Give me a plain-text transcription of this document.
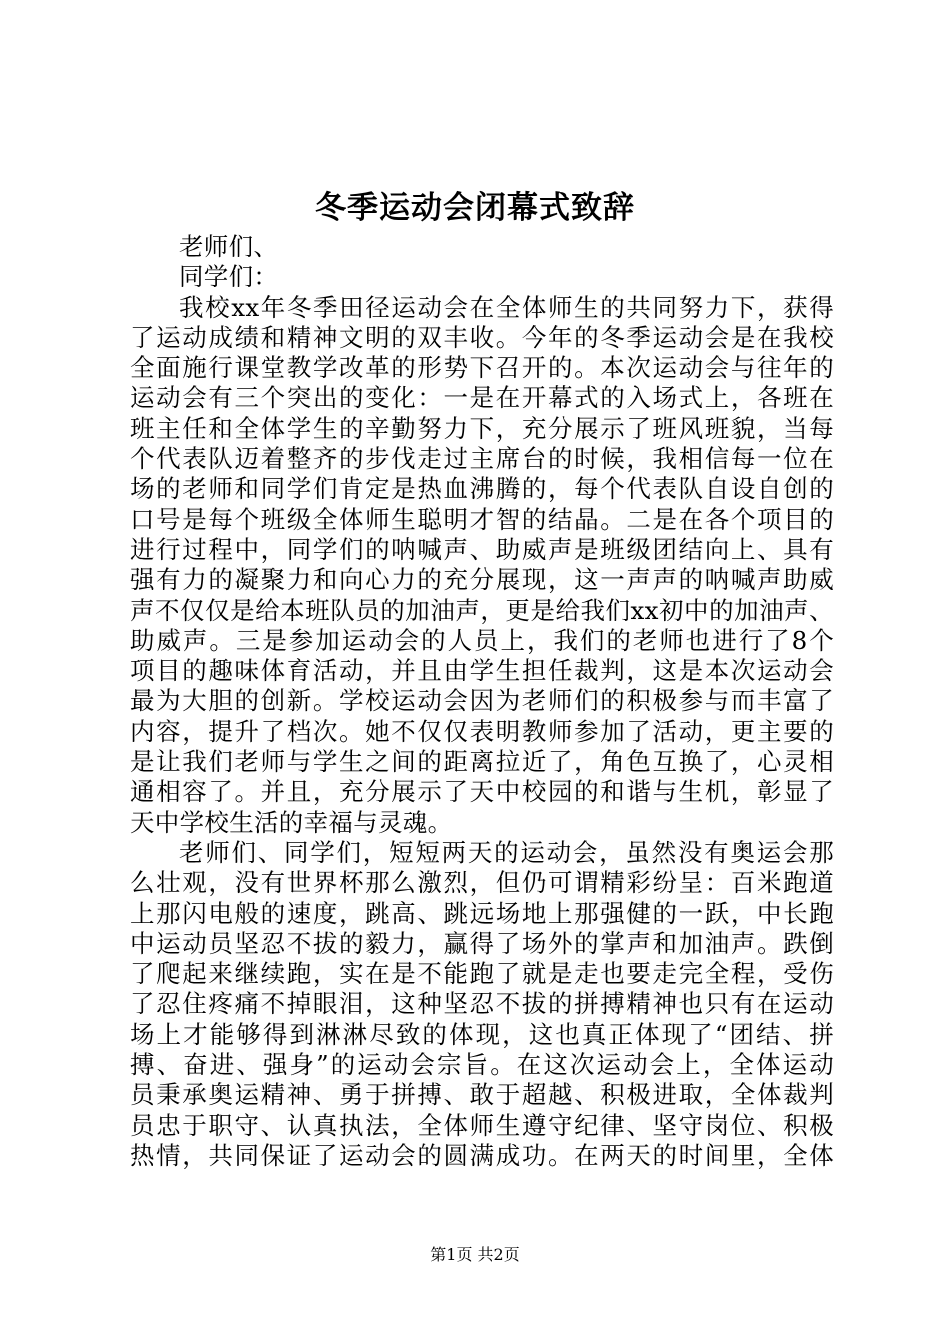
冬季运动会闭幕式致辞
老师们、
同学们：
我校xx年冬季田径运动会在全体师生的共同努力下，获得
了运动成绩和精神文明的双丰收。今年的冬季运动会是在我校
全面施行课堂教学改革的形势下召开的。本次运动会与往年的
运动会有三个突出的变化：一是在开幕式的入场式上，各班在
班主任和全体学生的辛勤努力下，充分展示了班风班貌，当每
个代表队迈着整齐的步伐走过主席台的时候，我相信每一位在
场的老师和同学们肯定是热血沸腾的，每个代表队自设自创的
口号是每个班级全体师生聪明才智的结晶。二是在各个项目的
进行过程中，同学们的呐喊声、助威声是班级团结向上、具有
强有力的凝聚力和向心力的充分展现，这一声声的呐喊声助威
声不仅仅是给本班队员的加油声，更是给我们xx初中的加油声、
助威声。三是参加运动会的人员上，我们的老师也进行了8个
项目的趣味体育活动，并且由学生担任裁判，这是本次运动会
最为大胆的创新。学校运动会因为老师们的积极参与而丰富了
内容，提升了档次。她不仅仅表明教师参加了活动，更主要的
是让我们老师与学生之间的距离拉近了，角色互换了，心灵相
通相容了。并且，充分展示了天中校园的和谐与生机，彰显了
天中学校生活的幸福与灵魂。
老师们、同学们，短短两天的运动会，虽然没有奥运会那
么壮观，没有世界杯那么激烈，但仍可谓精彩纷呈：百米跑道
上那闪电般的速度，跳高、跳远场地上那强健的一跃，中长跑
中运动员坚忍不拔的毅力，赢得了场外的掌声和加油声。跌倒
了爬起来继续跑，实在是不能跑了就是走也要走完全程，受伤
了忍住疼痛不掉眼泪，这种坚忍不拔的拼搏精神也只有在运动
场上才能够得到淋淋尽致的体现，这也真正体现了“团结、拼
搏、奋进、强身”的运动会宗旨。在这次运动会上，全体运动
员秉承奥运精神、勇于拼搏、敢于超越、积极进取，全体裁判
员忠于职守、认真执法，全体师生遵守纪律、坚守岗位、积极
热情，共同保证了运动会的圆满成功。在两天的时间里，全体
第1页 共2页
